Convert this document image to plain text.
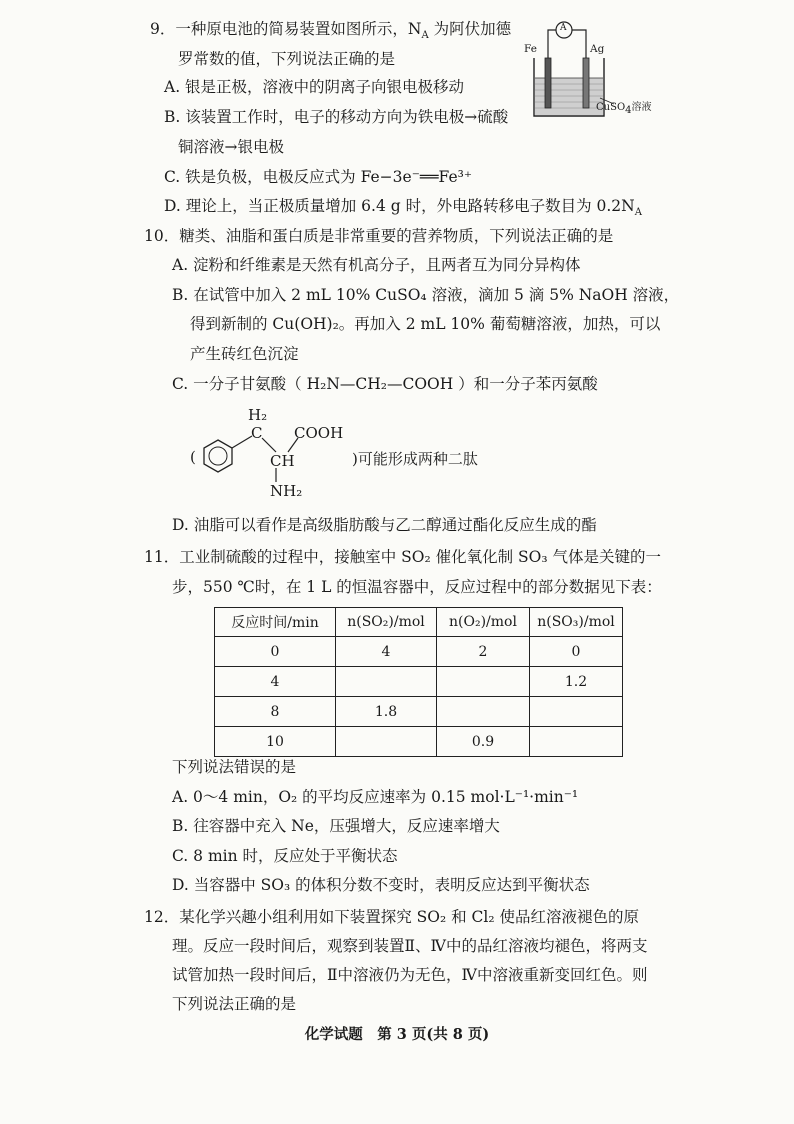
9．一种原电池的简易装置如图所示，$N_A$ 为阿伏加德
罗常数的值，下列说法正确的是
A. 银是正极，溶液中的阴离子向银电极移动
B. 该装置工作时，电子的移动方向为铁电极→硫酸
铜溶液→银电极
C. 铁是负极，电极反应式为 Fe−3e⁻══Fe³⁺
D. 理论上，当正极质量增加 6.4 g 时，外电路转移电子数目为 $0.2N_A$
A
Fe	Ag
CuSO$_4$溶液
10．糖类、油脂和蛋白质是非常重要的营养物质，下列说法正确的是
A. 淀粉和纤维素是天然有机高分子，且两者互为同分异构体
B. 在试管中加入 2 mL 10% CuSO₄ 溶液，滴加 5 滴 5% NaOH 溶液，
得到新制的 Cu(OH)₂。再加入 2 mL 10% 葡萄糖溶液，加热，可以
产生砖红色沉淀
C. 一分子甘氨酸（ H₂N—CH₂—COOH ）和一分子苯丙氨酸
H₂
C COOH
CH
NH₂
(	)可能形成两种二肽
D. 油脂可以看作是高级脂肪酸与乙二醇通过酯化反应生成的酯
11．工业制硫酸的过程中，接触室中 SO₂ 催化氧化制 SO₃ 气体是关键的一
步，550 ℃时，在 1 L 的恒温容器中，反应过程中的部分数据见下表：
反应时间/min	n(SO₂)/mol	n(O₂)/mol	n(SO₃)/mol
0	4	2	0
4			1.2
8	1.8		
10		0.9	
下列说法错误的是
A. 0～4 min，O₂ 的平均反应速率为 0.15 mol·L⁻¹·min⁻¹
B. 往容器中充入 Ne，压强增大，反应速率增大
C. 8 min 时，反应处于平衡状态
D. 当容器中 SO₃ 的体积分数不变时，表明反应达到平衡状态
12．某化学兴趣小组利用如下装置探究 SO₂ 和 Cl₂ 使品红溶液褪色的原
理。反应一段时间后，观察到装置Ⅱ、Ⅳ中的品红溶液均褪色，将两支
试管加热一段时间后，Ⅱ中溶液仍为无色，Ⅳ中溶液重新变回红色。则
下列说法正确的是
化学试题　第 3 页(共 8 页)
